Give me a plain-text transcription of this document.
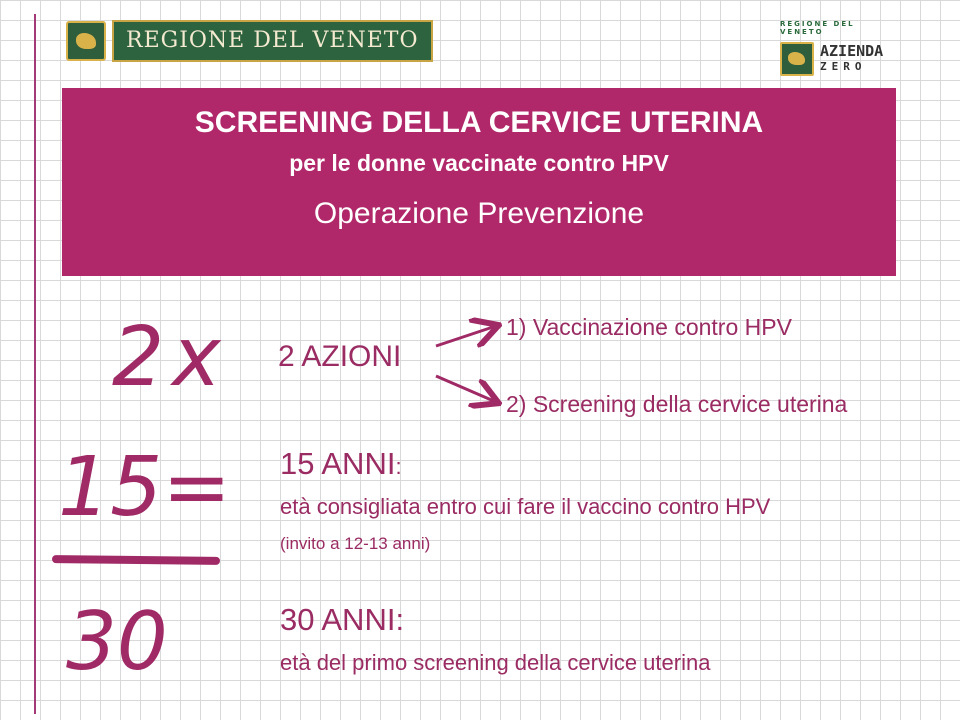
REGIONE DEL VENETO
REGIONE DEL VENETO
AZIENDA
ZERO
SCREENING DELLA CERVICE UTERINA
per le donne vaccinate contro HPV
Operazione Prevenzione
2x
15=
30
2 AZIONI
1) Vaccinazione contro HPV
2) Screening della cervice uterina
15 ANNI:
età consigliata entro cui fare il vaccino contro HPV
(invito a 12-13 anni)
30 ANNI:
età del primo screening della cervice uterina
